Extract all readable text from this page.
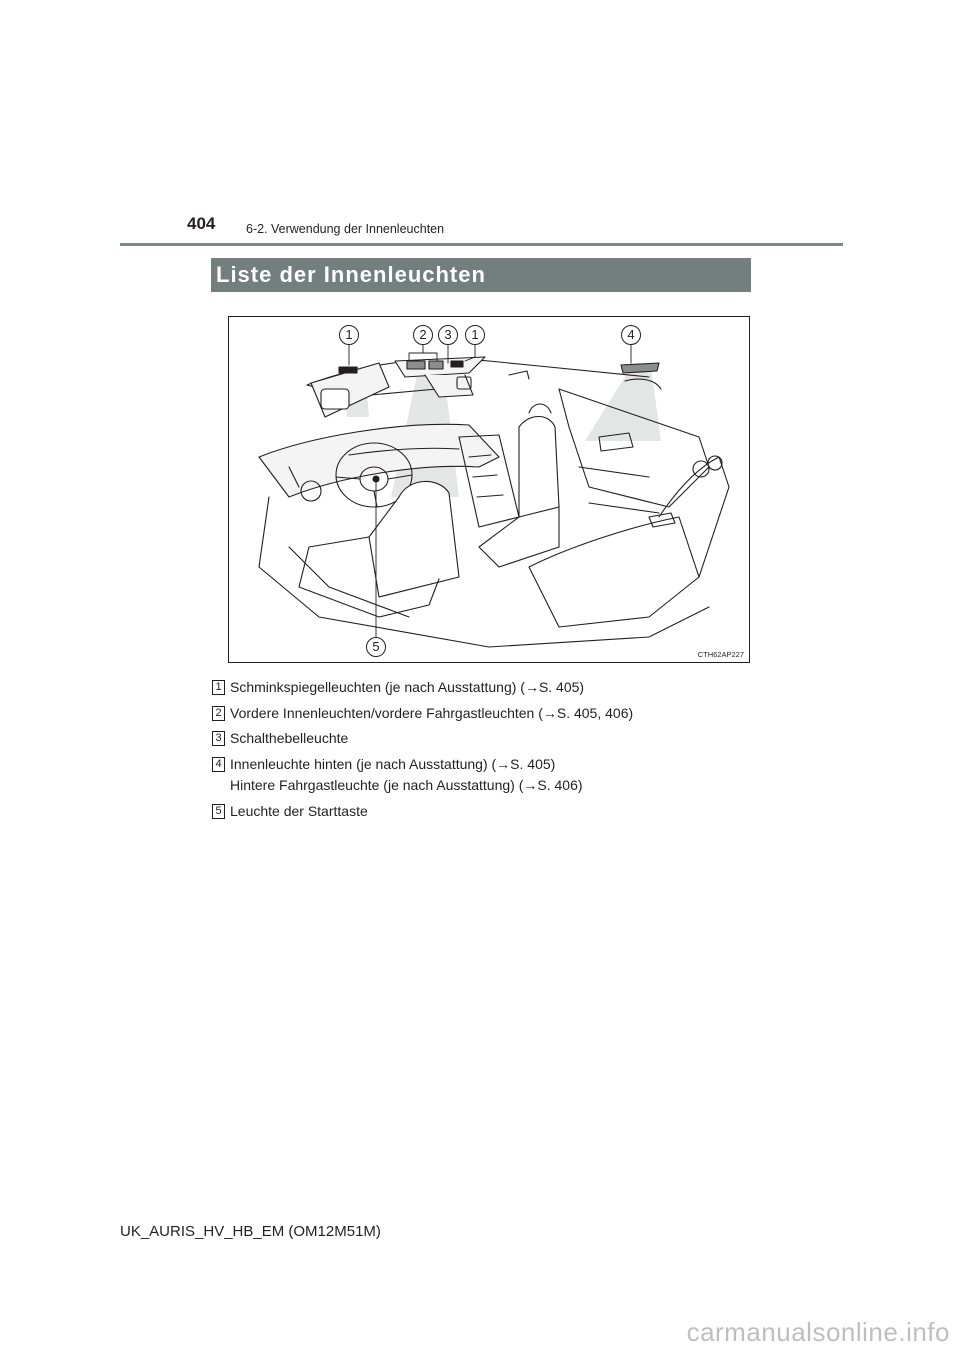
404 6-2. Verwendung der Innenleuchten
Liste der Innenleuchten
1	2	3	1	4
5
CTH62AP227
1 Schminkspiegelleuchten (je nach Ausstattung) (→S. 405)
2 Vordere Innenleuchten/vordere Fahrgastleuchten (→S. 405, 406)
3 Schalthebelleuchte
4 Innenleuchte hinten (je nach Ausstattung) (→S. 405)
Hintere Fahrgastleuchte (je nach Ausstattung) (→S. 406)
5 Leuchte der Starttaste
UK_AURIS_HV_HB_EM (OM12M51M)
carmanualsonline.info
